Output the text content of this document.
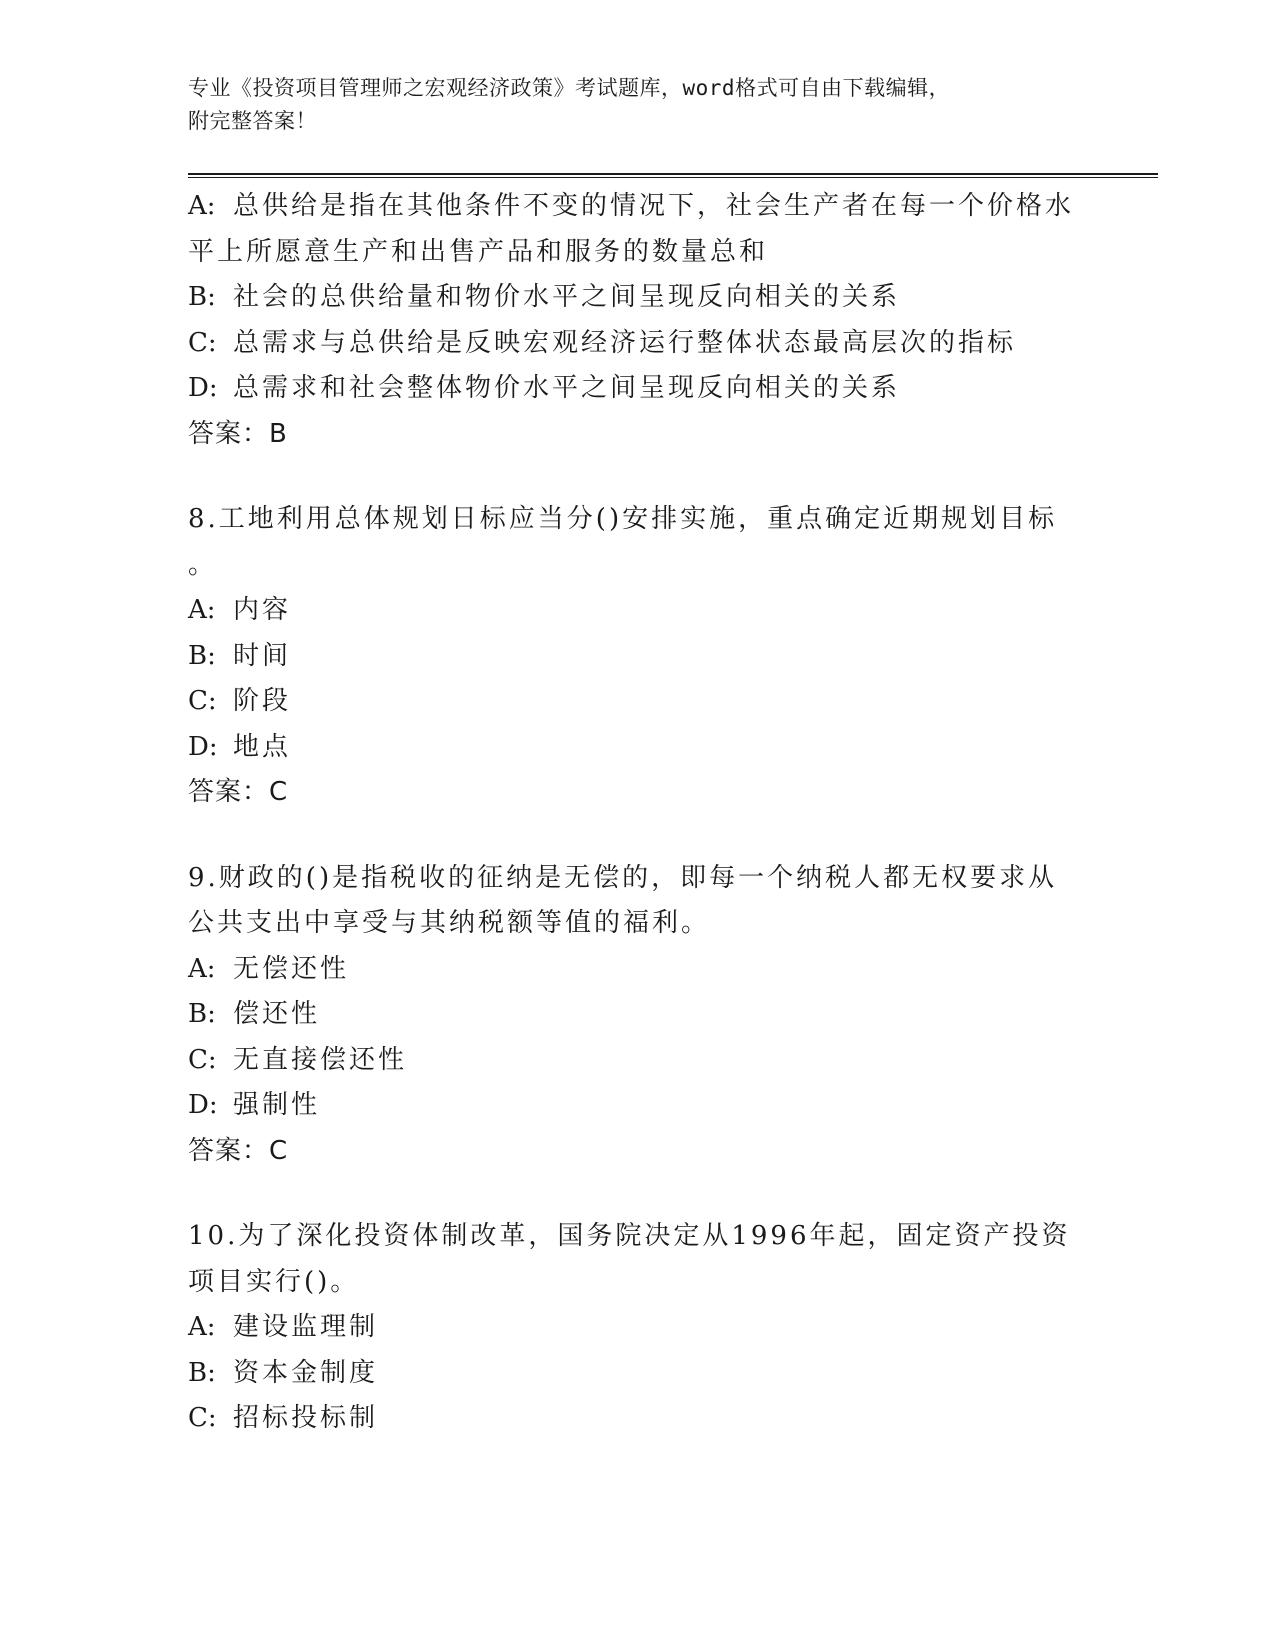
专业《投资项目管理师之宏观经济政策》考试题库，word格式可自由下载编辑，

附完整答案！

A: 总供给是指在其他条件不变的情况下，社会生产者在每一个价格水

平上所愿意生产和出售产品和服务的数量总和

B: 社会的总供给量和物价水平之间呈现反向相关的关系

C: 总需求与总供给是反映宏观经济运行整体状态最高层次的指标

D: 总需求和社会整体物价水平之间呈现反向相关的关系

答案：B

8.工地利用总体规划日标应当分()安排实施，重点确定近期规划目标

。

A: 内容

B: 时间

C: 阶段

D: 地点

答案：C

9.财政的()是指税收的征纳是无偿的，即每一个纳税人都无权要求从

公共支出中享受与其纳税额等值的福利。

A: 无偿还性

B: 偿还性

C: 无直接偿还性

D: 强制性

答案：C

10.为了深化投资体制改革，国务院决定从1996年起，固定资产投资

项目实行()。

A: 建设监理制

B: 资本金制度

C: 招标投标制
